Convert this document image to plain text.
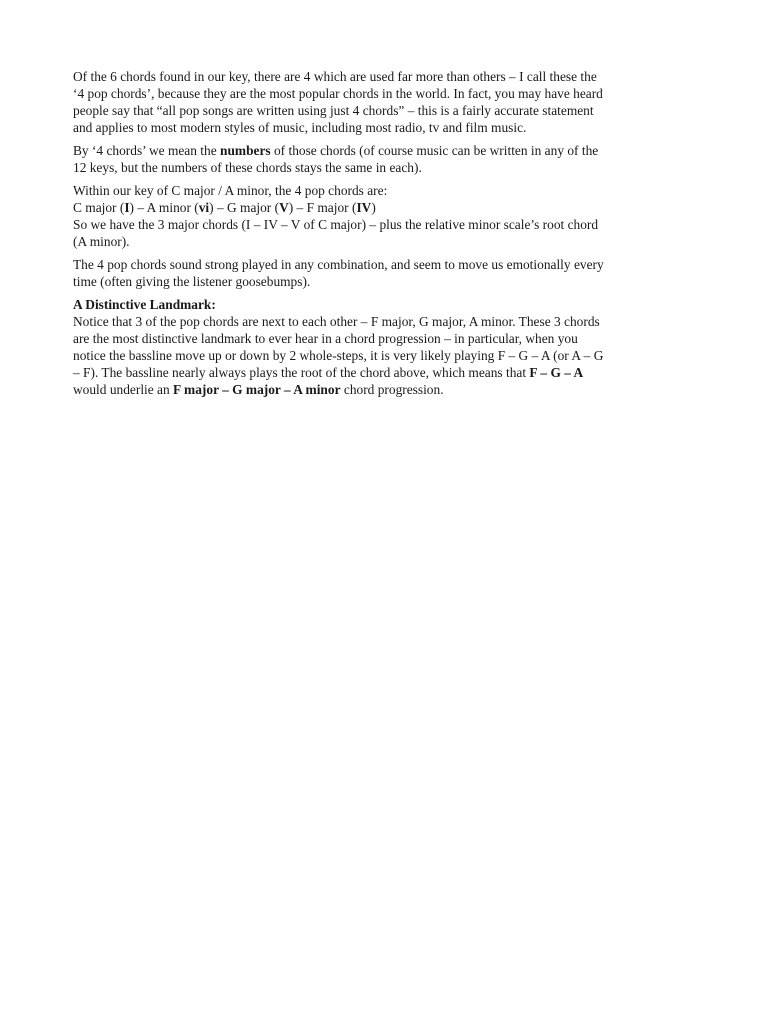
Of the 6 chords found in our key, there are 4 which are used far more than others – I call these the
‘4 pop chords’, because they are the most popular chords in the world. In fact, you may have heard
people say that “all pop songs are written using just 4 chords” – this is a fairly accurate statement
and applies to most modern styles of music, including most radio, tv and film music.

By ‘4 chords’ we mean the numbers of those chords (of course music can be written in any of the
12 keys, but the numbers of these chords stays the same in each).

Within our key of C major / A minor, the 4 pop chords are:
C major (I) – A minor (vi) – G major (V) – F major (IV)
So we have the 3 major chords (I – IV – V of C major) – plus the relative minor scale’s root chord
(A minor).

The 4 pop chords sound strong played in any combination, and seem to move us emotionally every
time (often giving the listener goosebumps).

A Distinctive Landmark:
Notice that 3 of the pop chords are next to each other – F major, G major, A minor. These 3 chords
are the most distinctive landmark to ever hear in a chord progression – in particular, when you
notice the bassline move up or down by 2 whole-steps, it is very likely playing F – G – A (or A – G
– F). The bassline nearly always plays the root of the chord above, which means that F – G – A
would underlie an F major – G major – A minor chord progression.
